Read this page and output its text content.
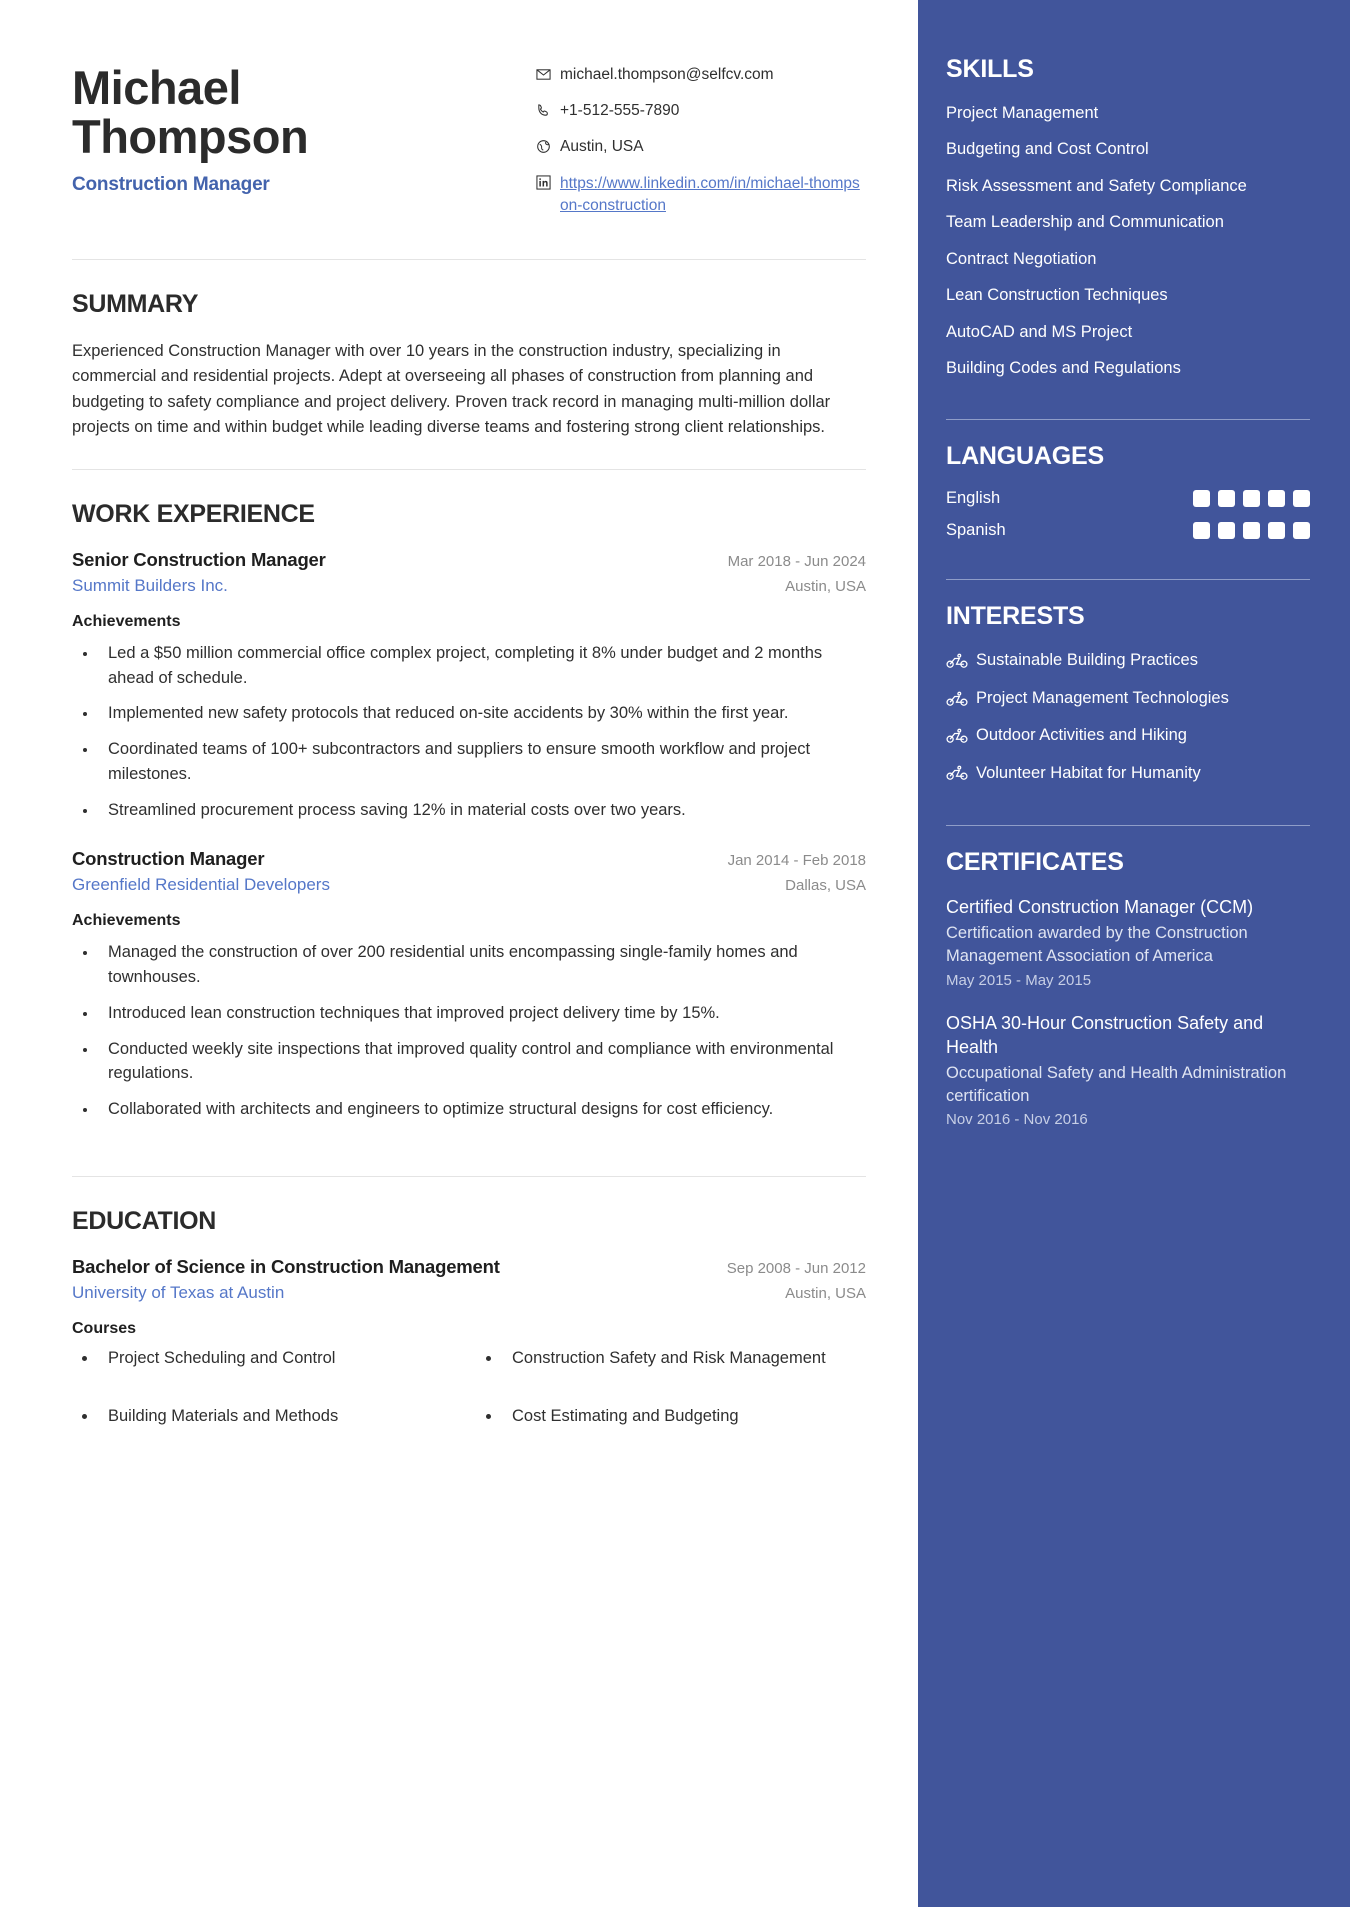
Michael Thompson
Construction Manager
michael.thompson@selfcv.com
+1-512-555-7890
Austin, USA
https://www.linkedin.com/in/michael-thompson-construction
SUMMARY
Experienced Construction Manager with over 10 years in the construction industry, specializing in commercial and residential projects. Adept at overseeing all phases of construction from planning and budgeting to safety compliance and project delivery. Proven track record in managing multi-million dollar projects on time and within budget while leading diverse teams and fostering strong client relationships.
WORK EXPERIENCE
Senior Construction Manager	Mar 2018 - Jun 2024
Summit Builders Inc.	Austin, USA
Achievements
• Led a $50 million commercial office complex project, completing it 8% under budget and 2 months ahead of schedule.
• Implemented new safety protocols that reduced on-site accidents by 30% within the first year.
• Coordinated teams of 100+ subcontractors and suppliers to ensure smooth workflow and project milestones.
• Streamlined procurement process saving 12% in material costs over two years.
Construction Manager	Jan 2014 - Feb 2018
Greenfield Residential Developers	Dallas, USA
Achievements
• Managed the construction of over 200 residential units encompassing single-family homes and townhouses.
• Introduced lean construction techniques that improved project delivery time by 15%.
• Conducted weekly site inspections that improved quality control and compliance with environmental regulations.
• Collaborated with architects and engineers to optimize structural designs for cost efficiency.
EDUCATION
Bachelor of Science in Construction Management	Sep 2008 - Jun 2012
University of Texas at Austin	Austin, USA
Courses
• Project Scheduling and Control
• Building Materials and Methods
• Construction Safety and Risk Management
• Cost Estimating and Budgeting
SKILLS
Project Management
Budgeting and Cost Control
Risk Assessment and Safety Compliance
Team Leadership and Communication
Contract Negotiation
Lean Construction Techniques
AutoCAD and MS Project
Building Codes and Regulations
LANGUAGES
English
Spanish
INTERESTS
Sustainable Building Practices
Project Management Technologies
Outdoor Activities and Hiking
Volunteer Habitat for Humanity
CERTIFICATES
Certified Construction Manager (CCM)
Certification awarded by the Construction Management Association of America
May 2015 - May 2015
OSHA 30-Hour Construction Safety and Health
Occupational Safety and Health Administration certification
Nov 2016 - Nov 2016
